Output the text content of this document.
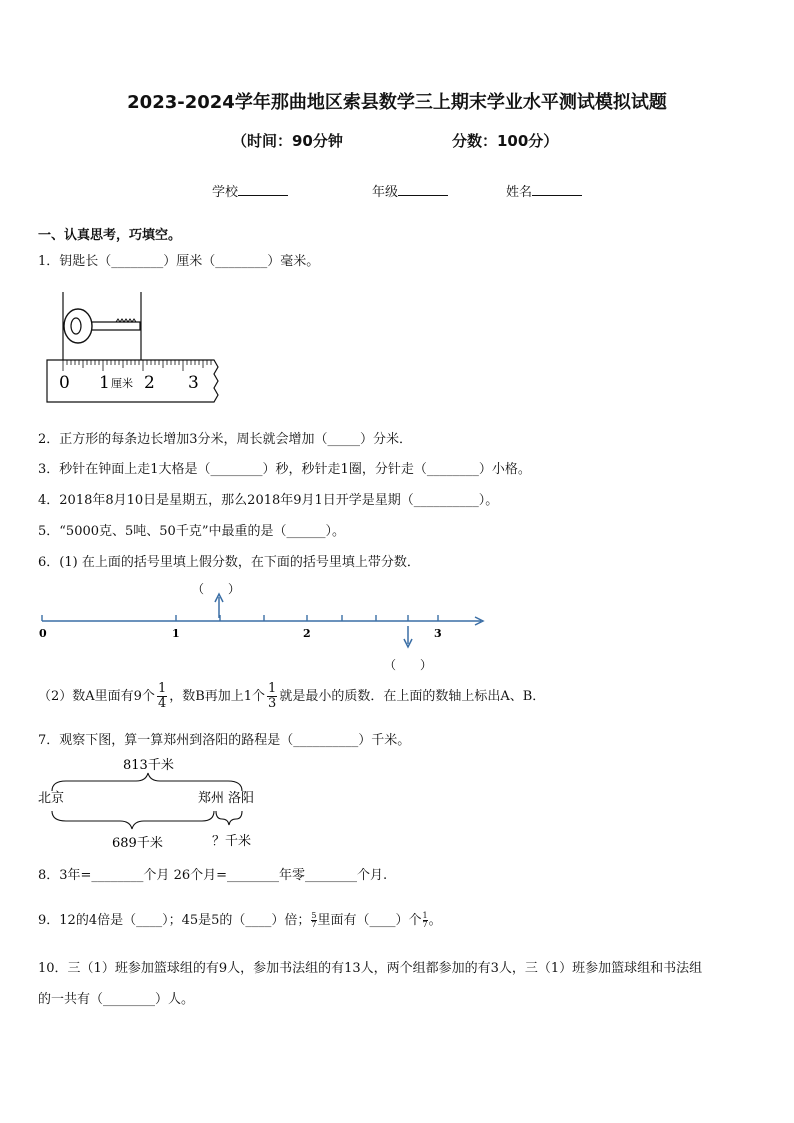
2023-2024学年那曲地区索县数学三上期末学业水平测试模拟试题
（时间：90分钟	分数：100分）
学校	年级	姓名
一、认真思考，巧填空。
1．钥匙长（________）厘米（________）毫米。
0 1 厘米 2 3
2．正方形的每条边长增加3分米，周长就会增加（_____）分米．
3．秒针在钟面上走1大格是（________）秒，秒针走1圈，分针走（________）小格。
4．2018年8月10日是星期五，那么2018年9月1日开学是星期（__________）。
5．“5000克、5吨、50千克”中最重的是（______）。
6．(1) 在上面的括号里填上假分数，在下面的括号里填上带分数．
（　　）
0	1	2	3
（　　）
（2）数A里面有9个 $\frac{1}{4}$ ，数B再加上1个 $\frac{1}{3}$ 就是最小的质数．在上面的数轴上标出A、B．
7．观察下图，算一算郑州到洛阳的路程是（__________）千米。
813千米
北京	郑州 洛阳
689千米	？千米
8．3年=________个月 26个月=________年零________个月.
9．12的4倍是（____）；45是5的（____）倍； $\frac{5}{7}$ 里面有（____）个 $\frac{1}{7}$ 。
10．三（1）班参加篮球组的有9人，参加书法组的有13人，两个组都参加的有3人，三（1）班参加篮球组和书法组
的一共有（________）人。
